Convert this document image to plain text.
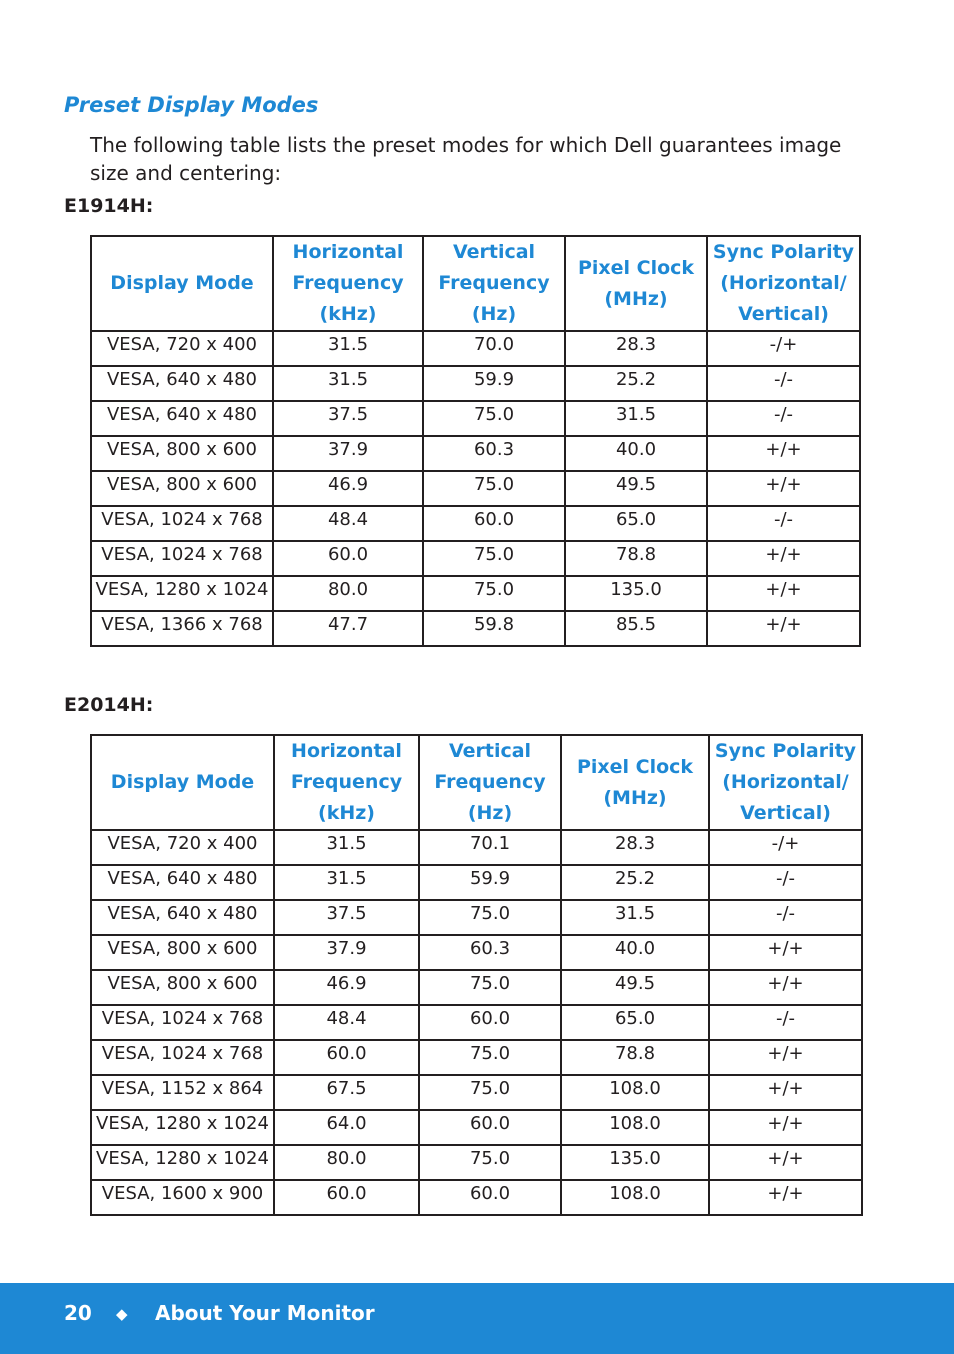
Preset Display Modes

The following table lists the preset modes for which Dell guarantees image size and centering:

E1914H:

Display Mode	Horizontal
Frequency
(kHz)	Vertical
Frequency
(Hz)	Pixel Clock
(MHz)	Sync Polarity
(Horizontal/
Vertical)
VESA, 720 x 400	31.5	70.0	28.3	-/+
VESA, 640 x 480	31.5	59.9	25.2	-/-
VESA, 640 x 480	37.5	75.0	31.5	-/-
VESA, 800 x 600	37.9	60.3	40.0	+/+
VESA, 800 x 600	46.9	75.0	49.5	+/+
VESA, 1024 x 768	48.4	60.0	65.0	-/-
VESA, 1024 x 768	60.0	75.0	78.8	+/+
VESA, 1280 x 1024	80.0	75.0	135.0	+/+
VESA, 1366 x 768	47.7	59.8	85.5	+/+

E2014H:

Display Mode	Horizontal
Frequency
(kHz)	Vertical
Frequency
(Hz)	Pixel Clock
(MHz)	Sync Polarity
(Horizontal/
Vertical)
VESA, 720 x 400	31.5	70.1	28.3	-/+
VESA, 640 x 480	31.5	59.9	25.2	-/-
VESA, 640 x 480	37.5	75.0	31.5	-/-
VESA, 800 x 600	37.9	60.3	40.0	+/+
VESA, 800 x 600	46.9	75.0	49.5	+/+
VESA, 1024 x 768	48.4	60.0	65.0	-/-
VESA, 1024 x 768	60.0	75.0	78.8	+/+
VESA, 1152 x 864	67.5	75.0	108.0	+/+
VESA, 1280 x 1024	64.0	60.0	108.0	+/+
VESA, 1280 x 1024	80.0	75.0	135.0	+/+
VESA, 1600 x 900	60.0	60.0	108.0	+/+
20 ◆ About Your Monitor
